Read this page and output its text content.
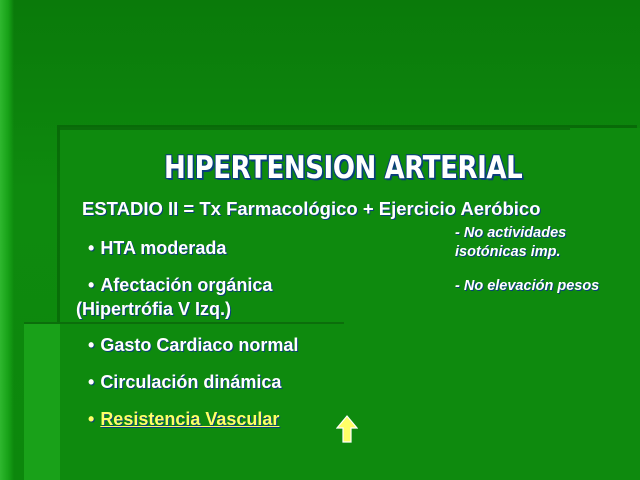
HIPERTENSION ARTERIAL
ESTADIO II = Tx Farmacológico + Ejercicio Aeróbico
- No actividades isotónicas imp.
- No elevación pesos
• HTA moderada
• Afectación orgánica
(Hipertrófia V Izq.)
• Gasto Cardiaco normal
• Circulación dinámica
• Resistencia Vascular
